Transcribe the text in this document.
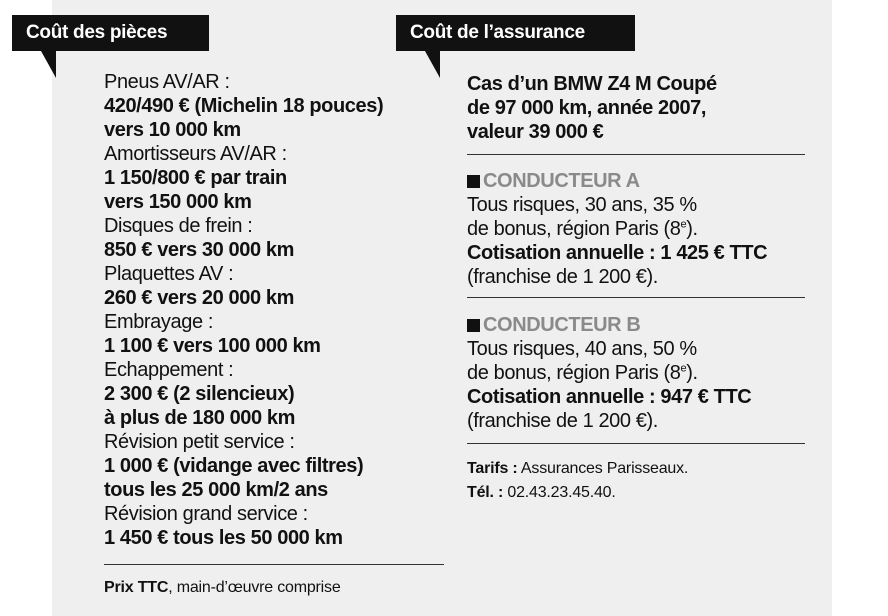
Coût des pièces	Coût de l’assurance
Pneus AV/AR :
420/490 € (Michelin 18 pouces)
vers 10 000 km
Amortisseurs AV/AR :
1 150/800 € par train
vers 150 000 km
Disques de frein :
850 € vers 30 000 km
Plaquettes AV :
260 € vers 20 000 km
Embrayage :
1 100 € vers 100 000 km
Echappement :
2 300 € (2 silencieux)
à plus de 180 000 km
Révision petit service :
1 000 € (vidange avec filtres)
tous les 25 000 km/2 ans
Révision grand service :
1 450 € tous les 50 000 km
Prix TTC, main-d’œuvre comprise
Cas d’un BMW Z4 M Coupé
de 97 000 km, année 2007,
valeur 39 000 €
CONDUCTEUR A
Tous risques, 30 ans, 35 %
de bonus, région Paris (8e).
Cotisation annuelle : 1 425 € TTC
(franchise de 1 200 €).
CONDUCTEUR B
Tous risques, 40 ans, 50 %
de bonus, région Paris (8e).
Cotisation annuelle : 947 € TTC
(franchise de 1 200 €).
Tarifs : Assurances Parisseaux.
Tél. : 02.43.23.45.40.
